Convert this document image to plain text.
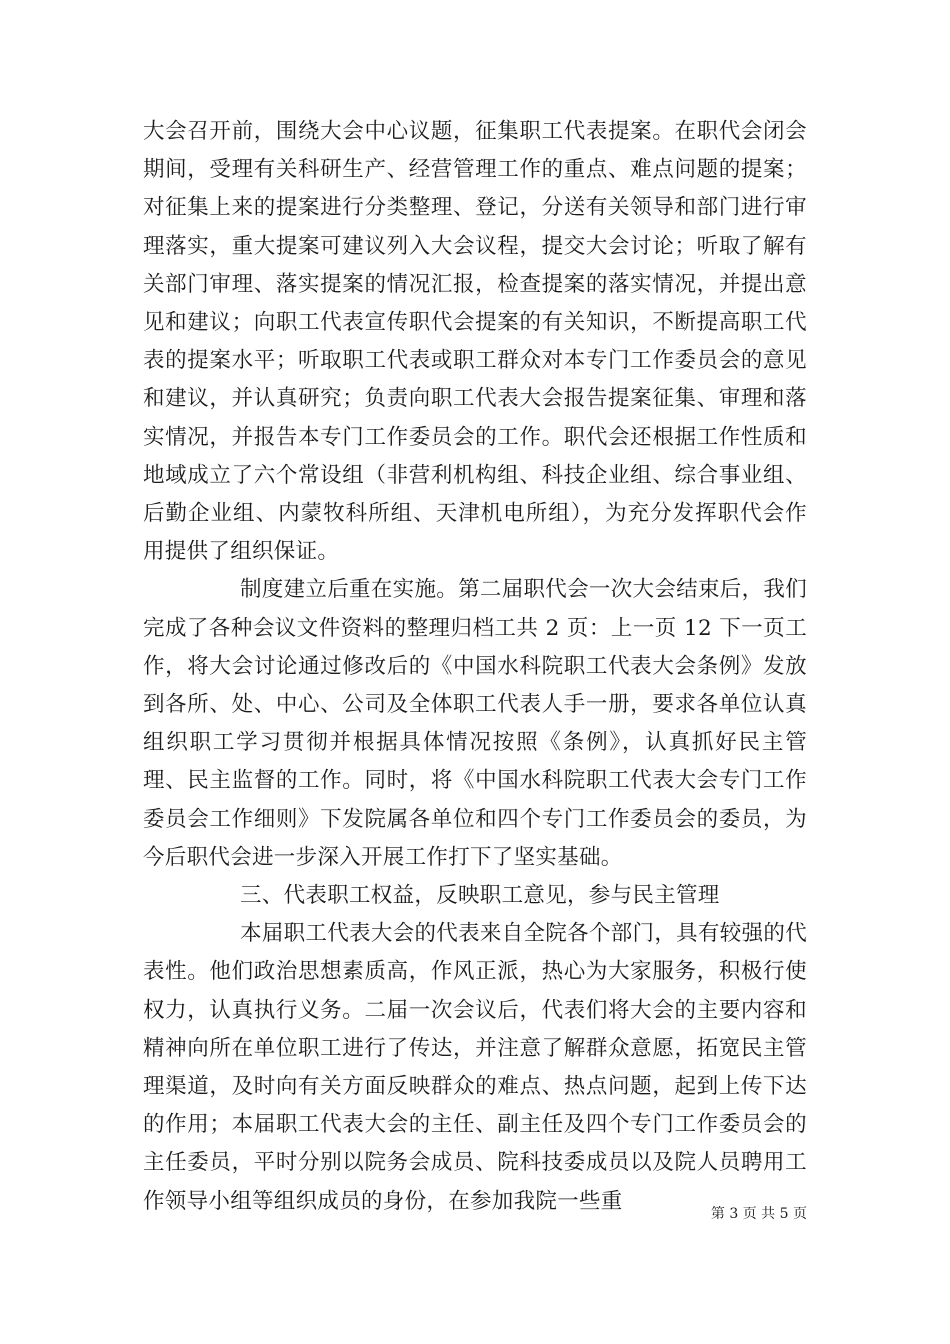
大会召开前，围绕大会中心议题，征集职工代表提案。在职代会闭会期间，受理有关科研生产、经营管理工作的重点、难点问题的提案；对征集上来的提案进行分类整理、登记，分送有关领导和部门进行审理落实，重大提案可建议列入大会议程，提交大会讨论；听取了解有关部门审理、落实提案的情况汇报，检查提案的落实情况，并提出意见和建议；向职工代表宣传职代会提案的有关知识，不断提高职工代表的提案水平；听取职工代表或职工群众对本专门工作委员会的意见和建议，并认真研究；负责向职工代表大会报告提案征集、审理和落实情况，并报告本专门工作委员会的工作。职代会还根据工作性质和地域成立了六个常设组（非营利机构组、科技企业组、综合事业组、后勤企业组、内蒙牧科所组、天津机电所组），为充分发挥职代会作用提供了组织保证。

制度建立后重在实施。第二届职代会一次大会结束后，我们完成了各种会议文件资料的整理归档工共 2 页：上一页 12 下一页工作，将大会讨论通过修改后的《中国水科院职工代表大会条例》发放到各所、处、中心、公司及全体职工代表人手一册，要求各单位认真组织职工学习贯彻并根据具体情况按照《条例》，认真抓好民主管理、民主监督的工作。同时，将《中国水科院职工代表大会专门工作委员会工作细则》下发院属各单位和四个专门工作委员会的委员，为今后职代会进一步深入开展工作打下了坚实基础。

三、代表职工权益，反映职工意见，参与民主管理

本届职工代表大会的代表来自全院各个部门，具有较强的代表性。他们政治思想素质高，作风正派，热心为大家服务，积极行使权力，认真执行义务。二届一次会议后，代表们将大会的主要内容和精神向所在单位职工进行了传达，并注意了解群众意愿，拓宽民主管理渠道，及时向有关方面反映群众的难点、热点问题，起到上传下达的作用；本届职工代表大会的主任、副主任及四个专门工作委员会的主任委员，平时分别以院务会成员、院科技委成员以及院人员聘用工作领导小组等组织成员的身份，在参加我院一些重

第 3 页 共 5 页
